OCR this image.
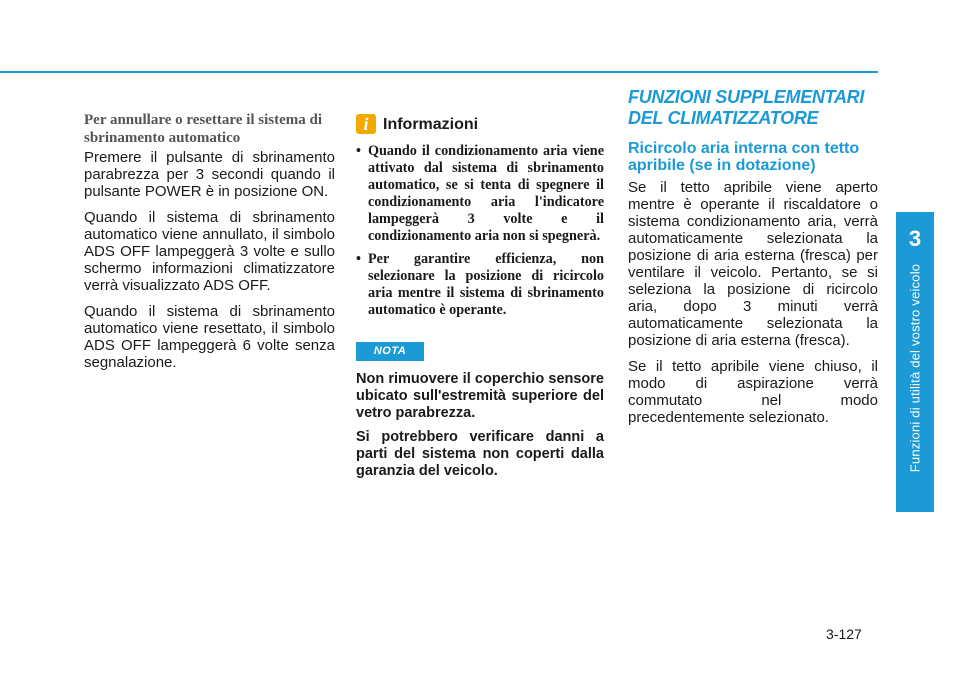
3
Funzioni di utilità del vostro veicolo
Per annullare o resettare il sistema di sbrinamento automatico

Premere il pulsante di sbrinamento parabrezza per 3 secondi quando il pulsante POWER è in posizione ON.

Quando il sistema di sbrinamento automatico viene annullato, il simbolo ADS OFF lampeggerà 3 volte e sullo schermo informazioni climatizzatore verrà visualizzato ADS OFF.

Quando il sistema di sbrinamento automatico viene resettato, il simbolo ADS OFF lampeggerà 6 volte senza segnalazione.

i Informazioni
• Quando il condizionamento aria viene attivato dal sistema di sbrinamento automatico, se si tenta di spegnere il condizionamento aria l'indicatore lampeggerà 3 volte e il condizionamento aria non si spegnerà.
• Per garantire efficienza, non selezionare la posizione di ricircolo aria mentre il sistema di sbrinamento automatico è operante.
NOTA

Non rimuovere il coperchio sensore ubicato sull'estremità superiore del vetro parabrezza.

Si potrebbero verificare danni a parti del sistema non coperti dalla garanzia del veicolo.

FUNZIONI SUPPLEMENTARI
DEL CLIMATIZZATORE
Ricircolo aria interna con tetto apribile (se in dotazione)

Se il tetto apribile viene aperto mentre è operante il riscaldatore o sistema condizionamento aria, verrà automaticamente selezionata la posizione di aria esterna (fresca) per ventilare il veicolo. Pertanto, se si seleziona la posizione di ricircolo aria, dopo 3 minuti verrà automaticamente selezionata la posizione di aria esterna (fresca).

Se il tetto apribile viene chiuso, il modo di aspirazione verrà commutato nel modo precedentemente selezionato.

3-127
